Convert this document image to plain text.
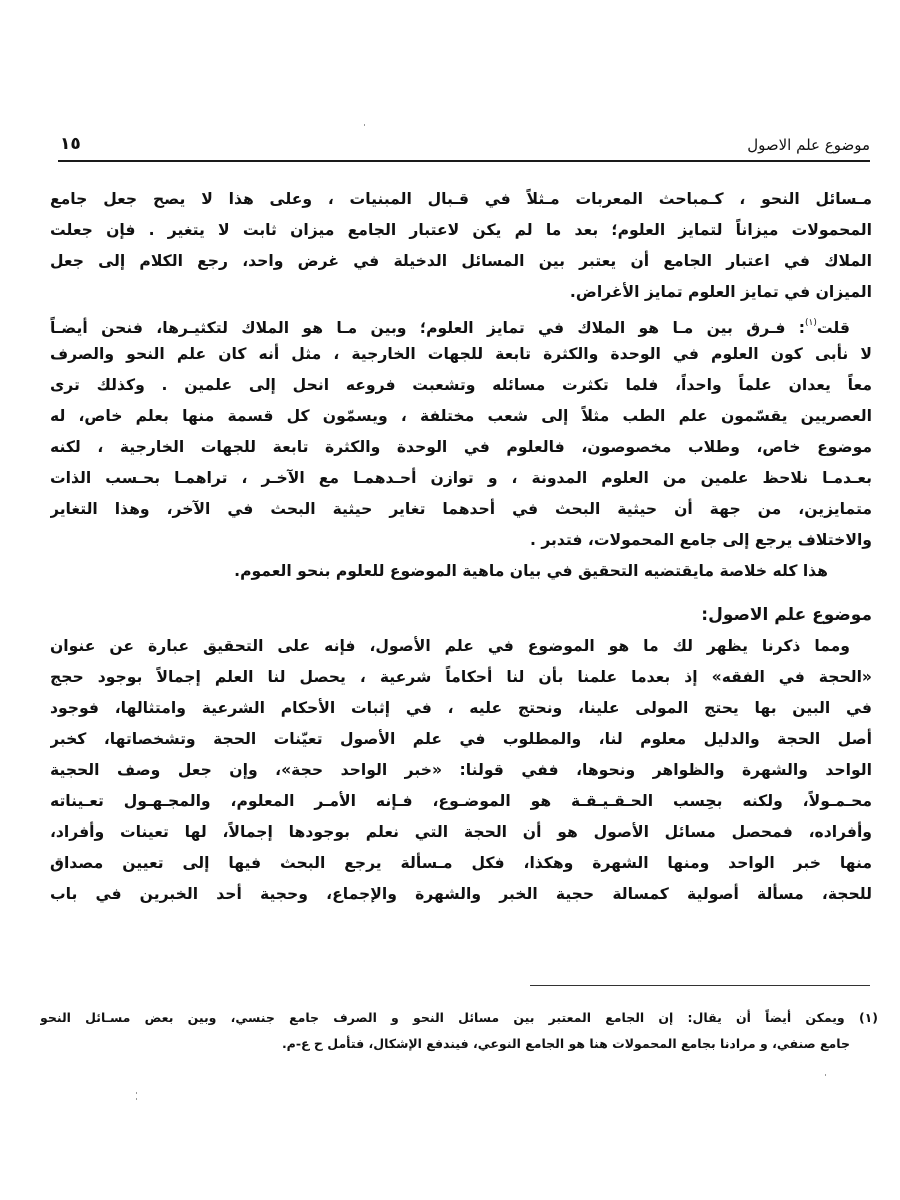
موضوع علم الاصول
١٥
مـسائل النحو ، كـمباحث المعربات مـثلاً في قـبال المبنيات ، وعلى هذا لا يصح جعل جامع
المحمولات ميزاناً لتمايز العلوم؛ بعد ما لم يكن لاعتبار الجامع ميزان ثابت لا يتغير . فإن جعلت
الملاك في اعتبار الجامع أن يعتبر بين المسائل الدخيلة في غرض واحد، رجع الكلام إلى جعل
الميزان في تمايز العلوم تمايز الأغراض.
قلت$^{(١)}$: فـرق بين مـا هو الملاك في تمايز العلوم؛ وبين مـا هو الملاك لتكثيـرها، فنحن أيضـاً
لا نأبى كون العلوم في الوحدة والكثرة تابعة للجهات الخارجية ، مثل أنه كان علم النحو والصرف
معاً يعدان علماً واحداً، فلما تكثرت مسائله وتشعبت فروعه انحل إلى علمين . وكذلك ترى
العصريين يقسّمون علم الطب مثلاً إلى شعب مختلفة ، ويسمّون كل قسمة منها بعلم خاص، له
موضوع خاص، وطلاب مخصوصون، فالعلوم في الوحدة والكثرة تابعة للجهات الخارجية ، لكنه
بعـدمـا نلاحظ علمين من العلوم المدونة ، و توازن أحـدهمـا مع الآخـر ، تراهمـا بحـسب الذات
متمايزين، من جهة أن حيثية البحث في أحدهما تغاير حيثية البحث في الآخر، وهذا التغاير
والاختلاف يرجع إلى جامع المحمولات، فتدبر .
هذا كله خلاصة مايقتضيه التحقيق في بيان ماهية الموضوع للعلوم بنحو العموم.
موضوع علم الاصول:
ومما ذكرنا يظهر لك ما هو الموضوع في علم الأصول، فإنه على التحقيق عبارة عن عنوان
«الحجة في الفقه» إذ بعدما علمنا بأن لنا أحكاماً شرعية ، يحصل لنا العلم إجمالاً بوجود حجج
في البين بها يحتج المولى علينا، ونحتج عليه ، في إثبات الأحكام الشرعية وامتثالها، فوجود
أصل الحجة والدليل معلوم لنا، والمطلوب في علم الأصول تعيّنات الحجة وتشخصاتها، كخبر
الواحد والشهرة والظواهر ونحوها، ففي قولنا: «خبر الواحد حجة»، وإن جعل وصف الحجية
محـمـولاً، ولكنه بحِسب الحـقـيـقـة هو الموضـوع، فـإنه الأمـر المعلوم، والمجـهـول تعـيناته
وأفراده، فمحصل مسائل الأصول هو أن الحجة التي نعلم بوجودها إجمالاً، لها تعينات وأفراد،
منها خبر الواحد ومنها الشهرة وهكذا، فكل مـسألة يرجع البحث فيها إلى تعيين مصداق
للحجة، مسألة أصولية كمسالة حجية الخبر والشهرة والإجماع، وحجية أحد الخبرين في باب
(١) ويمكن أيضاً أن يقال: إن الجامع المعتبر بين مسائل النحو و الصرف جامع جنسي، وبين بعض مسـائل النحو
جامع صنفي، و مرادنا بجامع المحمولات هنا هو الجامع النوعي، فيندفع الإشكال، فتأمل ح ع-م.
